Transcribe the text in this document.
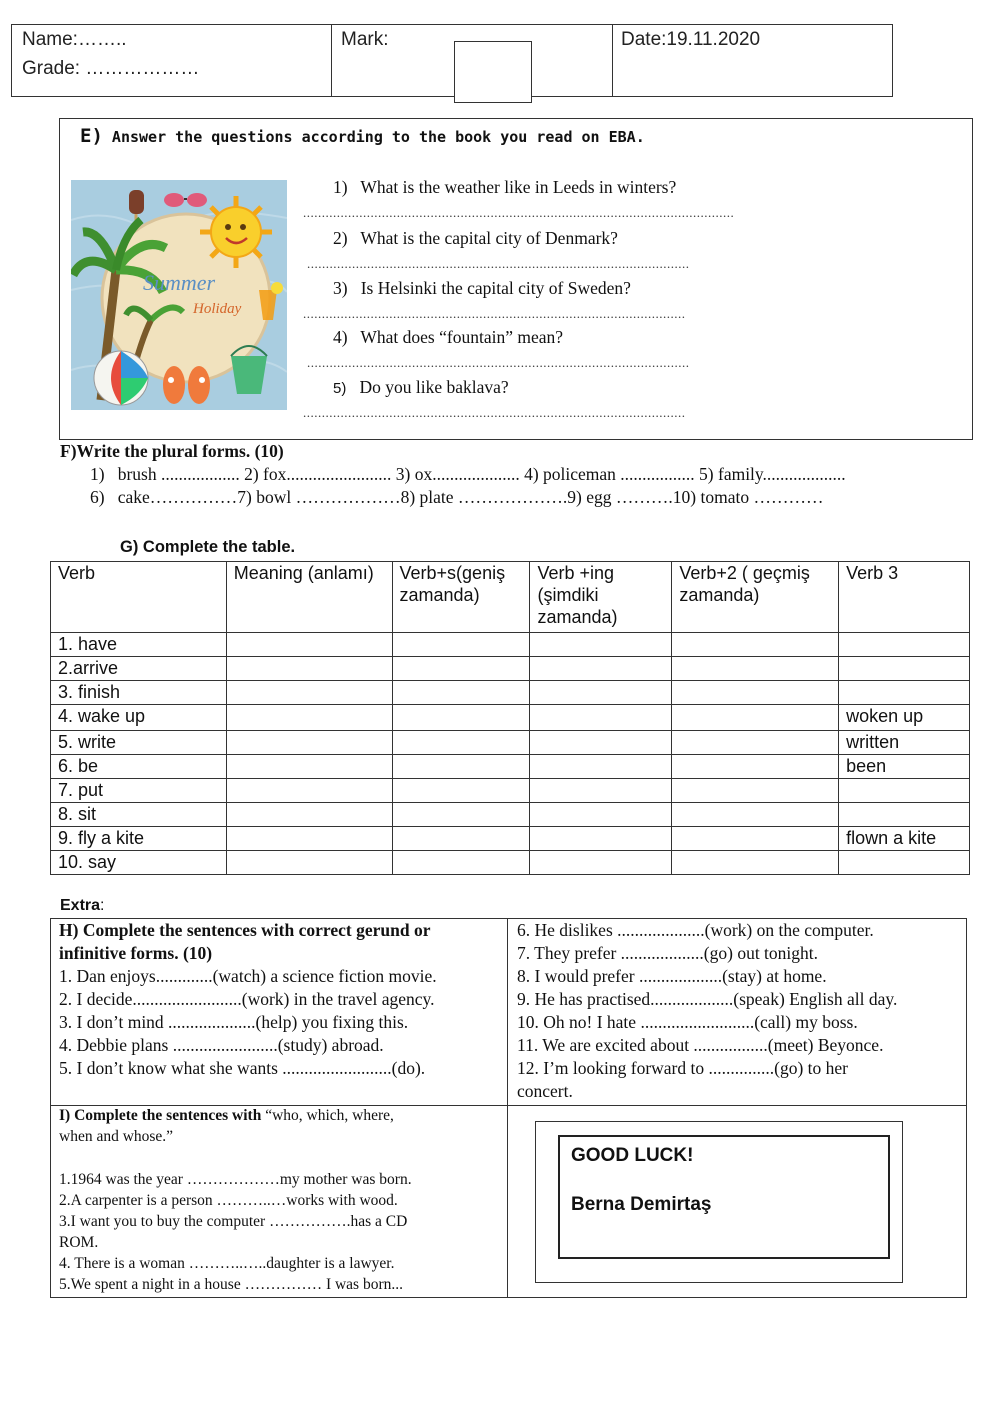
Name:……..
Grade: ………………
Mark:	Date:19.11.2020
E) Answer the questions according to the book you read on EBA.
Summer
Holiday
1) What is the weather like in Leeds in winters?
...................................................................................................................
2) What is the capital city of Denmark?
......................................................................................................
3) Is Helsinki the capital city of Sweden?
......................................................................................................
4) What does “fountain” mean?
......................................................................................................
5) Do you like baklava?
......................................................................................................
F)Write the plural forms. (10)
1) brush .................. 2) fox........................ 3) ox.................... 4) policeman ................. 5) family...................
6) cake……………7) bowl ………………8) plate ……………….9) egg ……….10) tomato …………
G) Complete the table.
Verb	Meaning (anlamı)	Verb+s(geniş zamanda)	Verb +ing (şimdiki zamanda)	Verb+2 ( geçmiş zamanda)	Verb 3
1. have					
2.arrive					
3. finish					
4. wake up					woken up
5. write					written
6. be					been
7. put					
8. sit					
9. fly a kite					flown a kite
10. say					
Extra:
H) Complete the sentences with correct gerund or
infinitive forms. (10)
1. Dan enjoys.............(watch) a science fiction movie.
2. I decide.........................(work) in the travel agency.
3. I don’t mind ....................(help) you fixing this.
4. Debbie plans ........................(study) abroad.
5. I don’t know what she wants .........................(do).
6. He dislikes ....................(work) on the computer.
7. They prefer ...................(go) out tonight.
8. I would prefer ...................(stay) at home.
9. He has practised...................(speak) English all day.
10. Oh no! I hate ..........................(call) my boss.
11. We are excited about .................(meet) Beyonce.
12. I’m looking forward to ...............(go) to her
concert.
I) Complete the sentences with “who, which, where,
when and whose.”
1.1964 was the year ………………my mother was born.
2.A carpenter is a person ………..…works with wood.
3.I want you to buy the computer …………….has a CD
ROM.
4. There is a woman ………..…..daughter is a lawyer.
5.We spent a night in a house …………… I was born...
GOOD LUCK!
Berna Demirtaş
